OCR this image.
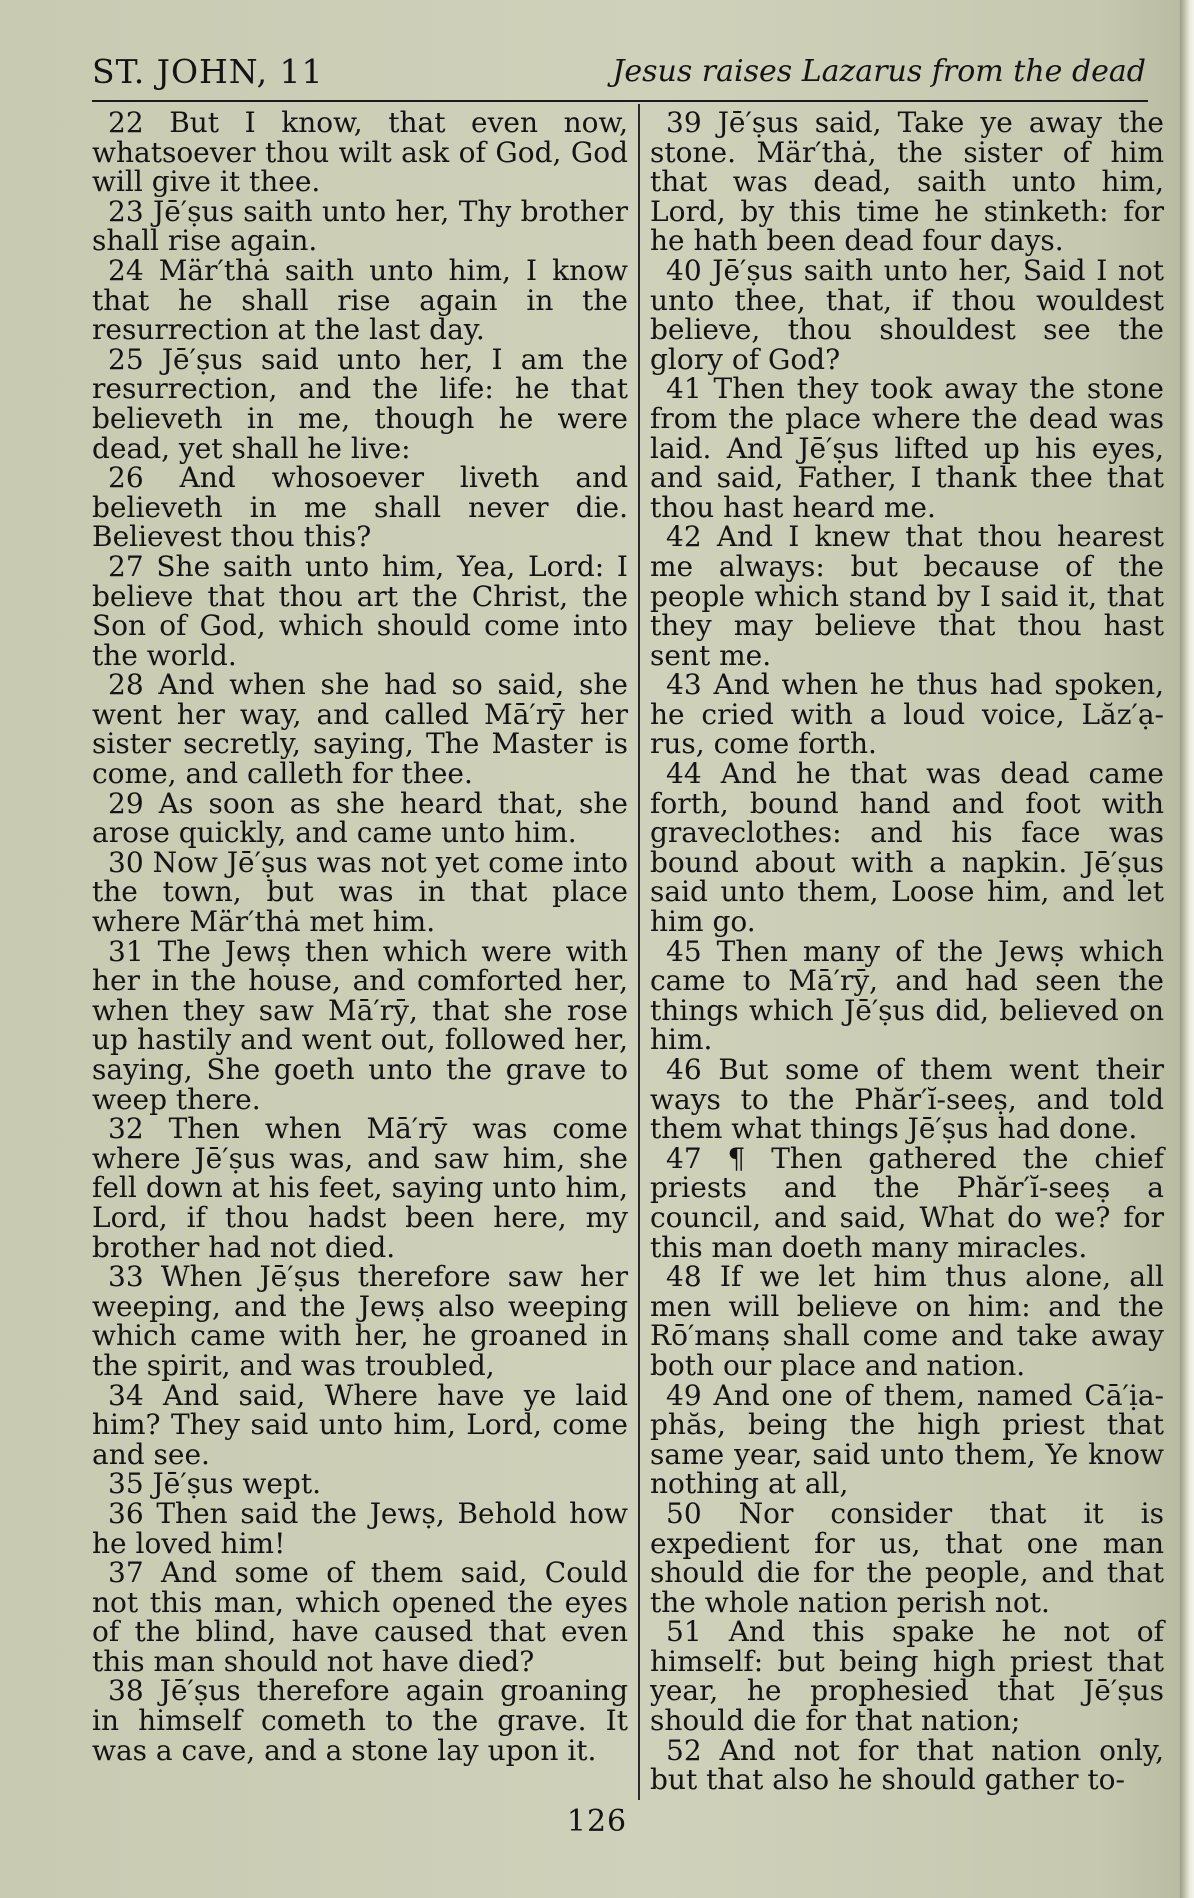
ST. JOHN, 11	Jesus raises Lazarus from the dead

22 But I know, that even now, whatsoever thou wilt ask of God, God will give it thee.

23 Jē′ṣus saith unto her, Thy brother shall rise again.

24 Mär′thȧ saith unto him, I know that he shall rise again in the resurrection at the last day.

25 Jē′ṣus said unto her, I am the resurrection, and the life: he that believeth in me, though he were dead, yet shall he live:

26 And whosoever liveth and believeth in me shall never die. Believest thou this?

27 She saith unto him, Yea, Lord: I believe that thou art the Christ, the Son of God, which should come into the world.

28 And when she had so said, she went her way, and called Mā′rȳ her sister secretly, saying, The Master is come, and calleth for thee.

29 As soon as she heard that, she arose quickly, and came unto him.

30 Now Jē′ṣus was not yet come into the town, but was in that place where Mär′thȧ met him.

31 The Jewṣ then which were with her in the house, and comforted her, when they saw Mā′rȳ, that she rose up hastily and went out, followed her, saying, She goeth unto the grave to weep there.

32 Then when Mā′rȳ was come where Jē′ṣus was, and saw him, she fell down at his feet, saying unto him, Lord, if thou hadst been here, my brother had not died.

33 When Jē′ṣus therefore saw her weeping, and the Jewṣ also weeping which came with her, he groaned in the spirit, and was troubled,

34 And said, Where have ye laid him? They said unto him, Lord, come and see.

35 Jē′ṣus wept.

36 Then said the Jewṣ, Behold how he loved him!

37 And some of them said, Could not this man, which opened the eyes of the blind, have caused that even this man should not have died?

38 Jē′ṣus therefore again groaning in himself cometh to the grave. It was a cave, and a stone lay upon it.

39 Jē′ṣus said, Take ye away the stone. Mär′thȧ, the sister of him that was dead, saith unto him, Lord, by this time he stinketh: for he hath been dead four days.

40 Jē′ṣus saith unto her, Said I not unto thee, that, if thou wouldest believe, thou shouldest see the glory of God?

41 Then they took away the stone from the place where the dead was laid. And Jē′ṣus lifted up his eyes, and said, Father, I thank thee that thou hast heard me.

42 And I knew that thou hearest me always: but because of the people which stand by I said it, that they may believe that thou hast sent me.

43 And when he thus had spoken, he cried with a loud voice, Lăz′ạ-rus, come forth.

44 And he that was dead came forth, bound hand and foot with graveclothes: and his face was bound about with a napkin. Jē′ṣus said unto them, Loose him, and let him go.

45 Then many of the Jewṣ which came to Mā′rȳ, and had seen the things which Jē′ṣus did, believed on him.

46 But some of them went their ways to the Phăr′ĭ-seeṣ, and told them what things Jē′ṣus had done.

47 ¶ Then gathered the chief priests and the Phăr′ĭ-seeṣ a council, and said, What do we? for this man doeth many miracles.

48 If we let him thus alone, all men will believe on him: and the Rō′manṣ shall come and take away both our place and nation.

49 And one of them, named Cā′ịa-phăs, being the high priest that same year, said unto them, Ye know nothing at all,

50 Nor consider that it is expedient for us, that one man should die for the people, and that the whole nation perish not.

51 And this spake he not of himself: but being high priest that year, he prophesied that Jē′ṣus should die for that nation;

52 And not for that nation only, but that also he should gather to-

126
